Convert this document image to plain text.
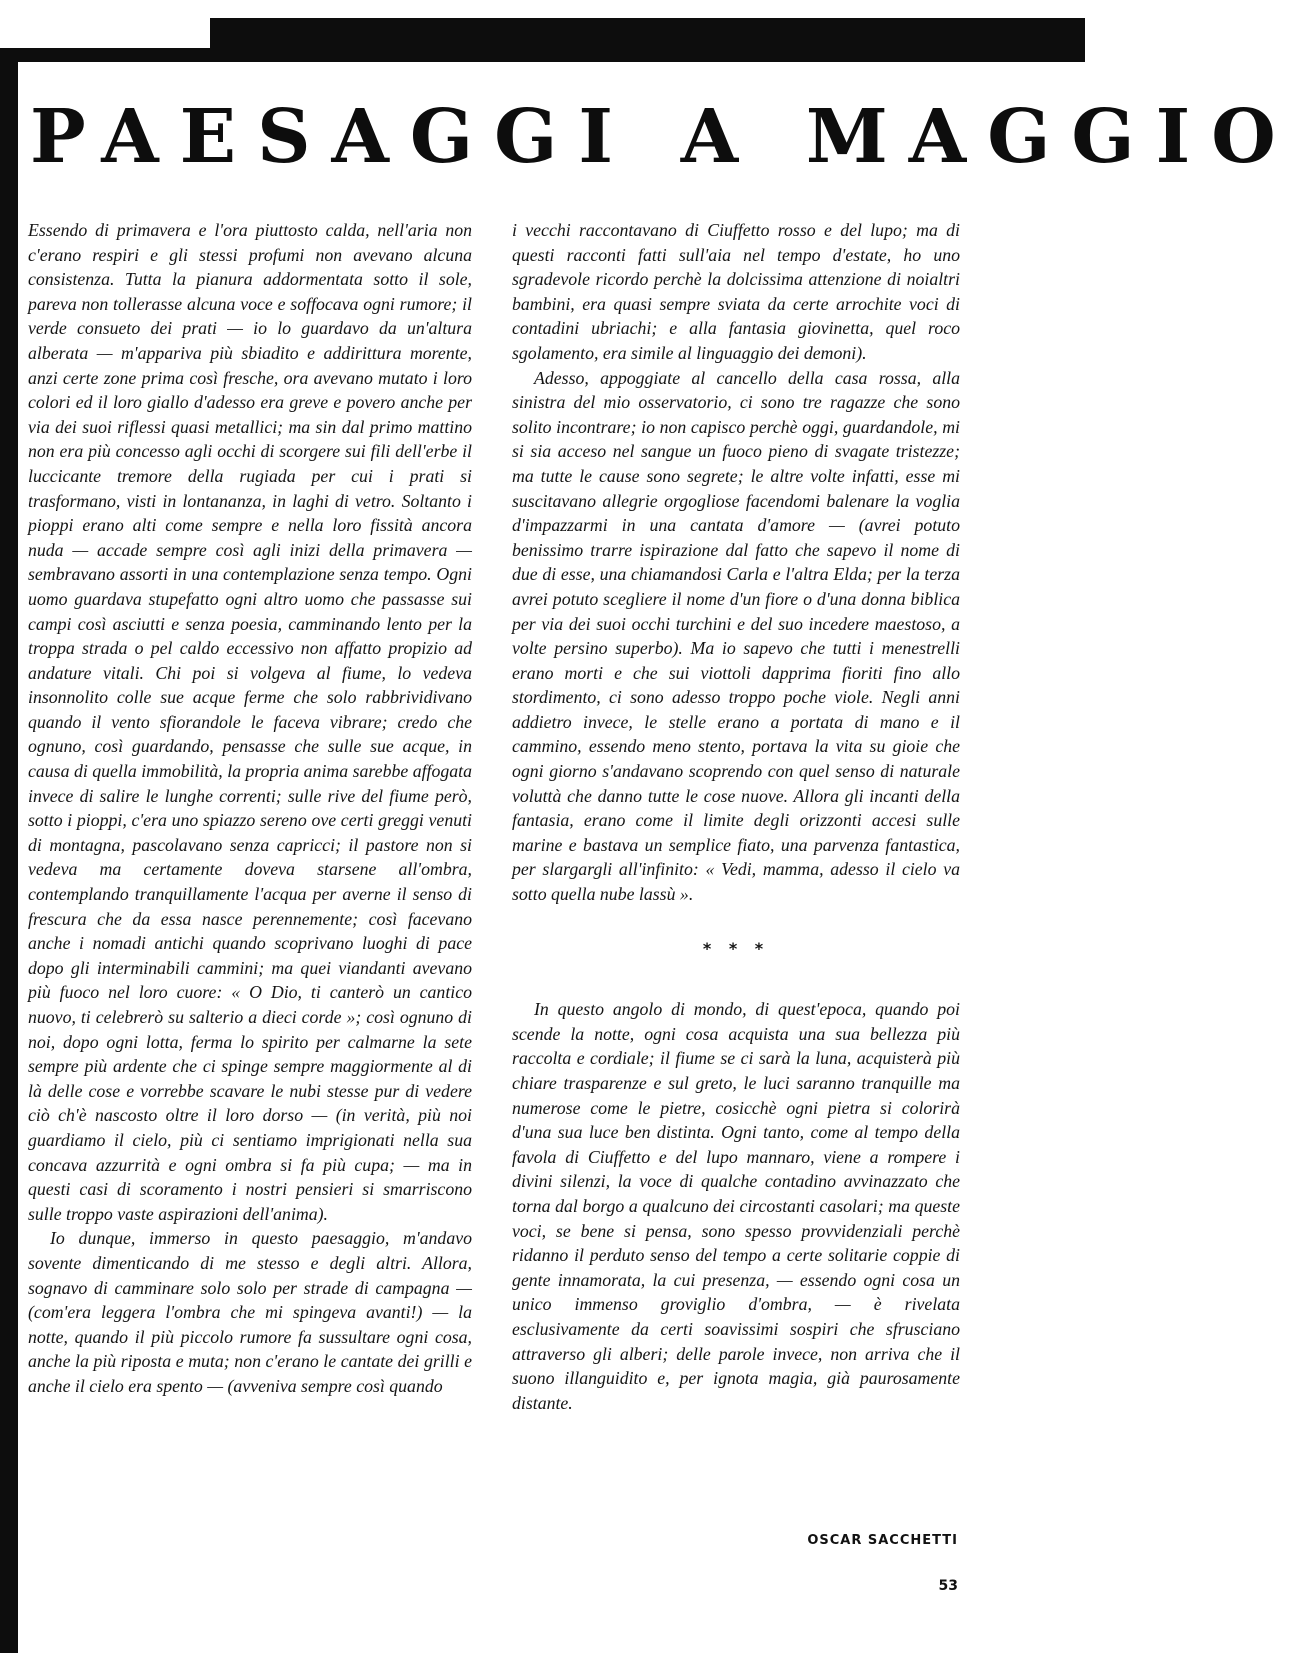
PAESAGGI A MAGGIO

Essendo di primavera e l'ora piuttosto calda, nell'aria non c'erano respiri e gli stessi profumi non avevano alcuna consistenza. Tutta la pianura addormentata sotto il sole, pareva non tollerasse alcuna voce e soffocava ogni rumore; il verde consueto dei prati — io lo guardavo da un'altura alberata — m'appariva più sbiadito e addirittura morente, anzi certe zone prima così fresche, ora avevano mutato i loro colori ed il loro giallo d'adesso era greve e povero anche per via dei suoi riflessi quasi metallici; ma sin dal primo mattino non era più concesso agli occhi di scorgere sui fili dell'erbe il luccicante tremore della rugiada per cui i prati si trasformano, visti in lontananza, in laghi di vetro. Soltanto i pioppi erano alti come sempre e nella loro fissità ancora nuda — accade sempre così agli inizi della primavera — sembravano assorti in una contemplazione senza tempo. Ogni uomo guardava stupefatto ogni altro uomo che passasse sui campi così asciutti e senza poesia, camminando lento per la troppa strada o pel caldo eccessivo non affatto propizio ad andature vitali. Chi poi si volgeva al fiume, lo vedeva insonnolito colle sue acque ferme che solo rabbrividivano quando il vento sfiorandole le faceva vibrare; credo che ognuno, così guardando, pensasse che sulle sue acque, in causa di quella immobilità, la propria anima sarebbe affogata invece di salire le lunghe correnti; sulle rive del fiume però, sotto i pioppi, c'era uno spiazzo sereno ove certi greggi venuti di montagna, pascolavano senza capricci; il pastore non si vedeva ma certamente doveva starsene all'ombra, contemplando tranquillamente l'acqua per averne il senso di frescura che da essa nasce perennemente; così facevano anche i nomadi antichi quando scoprivano luoghi di pace dopo gli interminabili cammini; ma quei viandanti avevano più fuoco nel loro cuore: « O Dio, ti canterò un cantico nuovo, ti celebrerò su salterio a dieci corde »; così ognuno di noi, dopo ogni lotta, ferma lo spirito per calmarne la sete sempre più ardente che ci spinge sempre maggiormente al di là delle cose e vorrebbe scavare le nubi stesse pur di vedere ciò ch'è nascosto oltre il loro dorso — (in verità, più noi guardiamo il cielo, più ci sentiamo imprigionati nella sua concava azzurrità e ogni ombra si fa più cupa; — ma in questi casi di scoramento i nostri pensieri si smarriscono sulle troppo vaste aspirazioni dell'anima).

Io dunque, immerso in questo paesaggio, m'andavo sovente dimenticando di me stesso e degli altri. Allora, sognavo di camminare solo solo per strade di campagna — (com'era leggera l'ombra che mi spingeva avanti!) — la notte, quando il più piccolo rumore fa sussultare ogni cosa, anche la più riposta e muta; non c'erano le cantate dei grilli e anche il cielo era spento — (avveniva sempre così quando

i vecchi raccontavano di Ciuffetto rosso e del lupo; ma di questi racconti fatti sull'aia nel tempo d'estate, ho uno sgradevole ricordo perchè la dolcissima attenzione di noialtri bambini, era quasi sempre sviata da certe arrochite voci di contadini ubriachi; e alla fantasia giovinetta, quel roco sgolamento, era simile al linguaggio dei demoni).

Adesso, appoggiate al cancello della casa rossa, alla sinistra del mio osservatorio, ci sono tre ragazze che sono solito incontrare; io non capisco perchè oggi, guardandole, mi si sia acceso nel sangue un fuoco pieno di svagate tristezze; ma tutte le cause sono segrete; le altre volte infatti, esse mi suscitavano allegrie orgogliose facendomi balenare la voglia d'impazzarmi in una cantata d'amore — (avrei potuto benissimo trarre ispirazione dal fatto che sapevo il nome di due di esse, una chiamandosi Carla e l'altra Elda; per la terza avrei potuto scegliere il nome d'un fiore o d'una donna biblica per via dei suoi occhi turchini e del suo incedere maestoso, a volte persino superbo). Ma io sapevo che tutti i menestrelli erano morti e che sui viottoli dapprima fioriti fino allo stordimento, ci sono adesso troppo poche viole. Negli anni addietro invece, le stelle erano a portata di mano e il cammino, essendo meno stento, portava la vita su gioie che ogni giorno s'andavano scoprendo con quel senso di naturale voluttà che danno tutte le cose nuove. Allora gli incanti della fantasia, erano come il limite degli orizzonti accesi sulle marine e bastava un semplice fiato, una parvenza fantastica, per slargargli all'infinito: « Vedi, mamma, adesso il cielo va sotto quella nube lassù ».

* * *

In questo angolo di mondo, di quest'epoca, quando poi scende la notte, ogni cosa acquista una sua bellezza più raccolta e cordiale; il fiume se ci sarà la luna, acquisterà più chiare trasparenze e sul greto, le luci saranno tranquille ma numerose come le pietre, cosicchè ogni pietra si colorirà d'una sua luce ben distinta. Ogni tanto, come al tempo della favola di Ciuffetto e del lupo mannaro, viene a rompere i divini silenzi, la voce di qualche contadino avvinazzato che torna dal borgo a qualcuno dei circostanti casolari; ma queste voci, se bene si pensa, sono spesso provvidenziali perchè ridanno il perduto senso del tempo a certe solitarie coppie di gente innamorata, la cui presenza, — essendo ogni cosa un unico immenso groviglio d'ombra, — è rivelata esclusivamente da certi soavissimi sospiri che sfrusciano attraverso gli alberi; delle parole invece, non arriva che il suono illanguidito e, per ignota magia, già paurosamente distante.

OSCAR SACCHETTI
53
